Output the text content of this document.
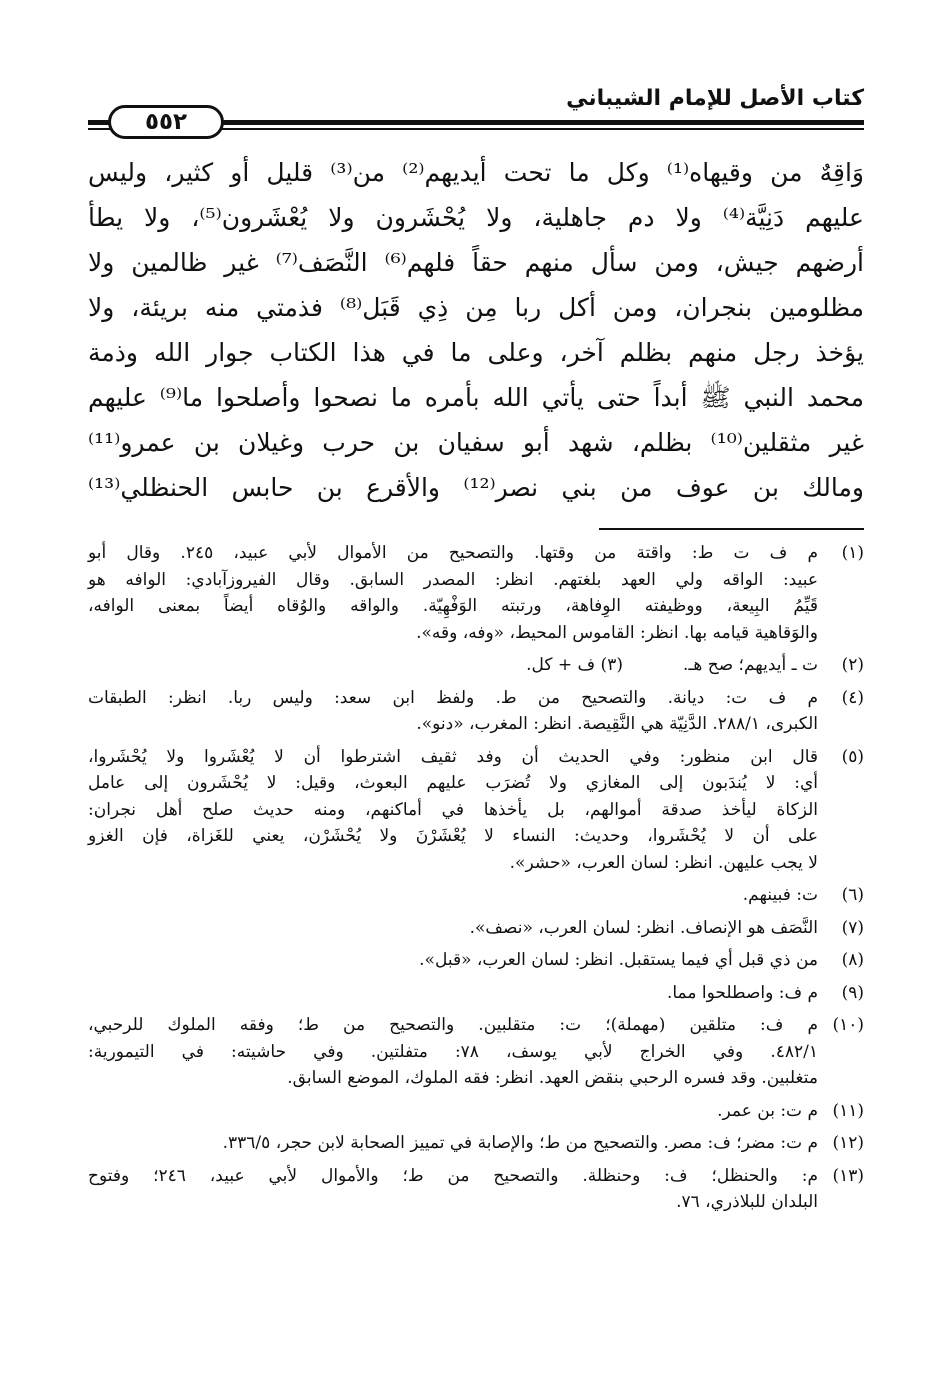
كتاب الأصل للإمام الشيباني
٥٥٢
وَاقِهٌ من وقيهاه⁽¹⁾ وكل ما تحت أيديهم⁽²⁾ من⁽³⁾ قليل أو كثير، وليس
عليهم دَنِيَّة⁽⁴⁾ ولا دم جاهلية، ولا يُحْشَرون ولا يُعْشَرون⁽⁵⁾، ولا يطأ
أرضهم جيش، ومن سأل منهم حقاً فلهم⁽⁶⁾ النَّصَف⁽⁷⁾ غير ظالمين ولا
مظلومين بنجران، ومن أكل ربا مِن ذِي قَبَل⁽⁸⁾ فذمتي منه بريئة، ولا
يؤخذ رجل منهم بظلم آخر، وعلى ما في هذا الكتاب جوار الله وذمة
محمد النبي ﷺ أبداً حتى يأتي الله بأمره ما نصحوا وأصلحوا ما⁽⁹⁾ عليهم
غير مثقلين⁽¹⁰⁾ بظلم، شهد أبو سفيان بن حرب وغيلان بن عمرو⁽¹¹⁾
ومالك بن عوف من بني نصر⁽¹²⁾ والأقرع بن حابس الحنظلي⁽¹³⁾
(١)
م ف ت ط: واقتة من وقتها. والتصحيح من الأموال لأبي عبيد، ٢٤٥. وقال أبو
عبيد: الواقه ولي العهد بلغتهم. انظر: المصدر السابق. وقال الفيروزآبادي: الوافه هو
قَيِّمُ البِيعة، ووظيفته الوِفاهة، ورتبته الوَفْهِيّة. والواقه والوُقاه أيضاً بمعنى الوافه،
والوَقاهية قيامه بها. انظر: القاموس المحيط، «وفه، وقه».
(٢)
ت ـ أيديهم؛ صح هـ.(٣) ف + كل.
(٤)
م ف ت: ديانة. والتصحيح من ط. ولفظ ابن سعد: وليس ربا. انظر: الطبقات
الكبرى، ٢٨٨/١. الدَّنِيّة هي النَّقِيصة. انظر: المغرب، «دنو».
(٥)
قال ابن منظور: وفي الحديث أن وفد ثقيف اشترطوا أن لا يُعْشَروا ولا يُحْشَروا،
أي: لا يُندَبون إلى المغازي ولا تُضرَب عليهم البعوث، وقيل: لا يُحْشَرون إلى عامل
الزكاة ليأخذ صدقة أموالهم، بل يأخذها في أماكنهم، ومنه حديث صلح أهل نجران:
على أن لا يُحْشَروا، وحديث: النساء لا يُعْشَرْنَ ولا يُحْشَرْن، يعني للغَزاة، فإن الغزو
لا يجب عليهن. انظر: لسان العرب، «حشر».
(٦)
ت: فبينهم.
(٧)
النَّصَف هو الإنصاف. انظر: لسان العرب، «نصف».
(٨)
من ذي قبل أي فيما يستقبل. انظر: لسان العرب، «قبل».
(٩)
م ف: واصطلحوا مما.
(١٠)
م ف: متلقين (مهملة)؛ ت: متقلبين. والتصحيح من ط؛ وفقه الملوك للرحبي،
٤٨٢/١. وفي الخراج لأبي يوسف، ٧٨: متفلتين. وفي حاشيته: في التيمورية:
متغلبين. وقد فسره الرحبي بنقض العهد. انظر: فقه الملوك، الموضع السابق.
(١١)
م ت: بن عمر.
(١٢)
م ت: مضر؛ ف: مصر. والتصحيح من ط؛ والإصابة في تمييز الصحابة لابن حجر، ٣٣٦/٥.
(١٣)
م: والحنظل؛ ف: وحنظلة. والتصحيح من ط؛ والأموال لأبي عبيد، ٢٤٦؛ وفتوح
البلدان للبلاذري، ٧٦.
